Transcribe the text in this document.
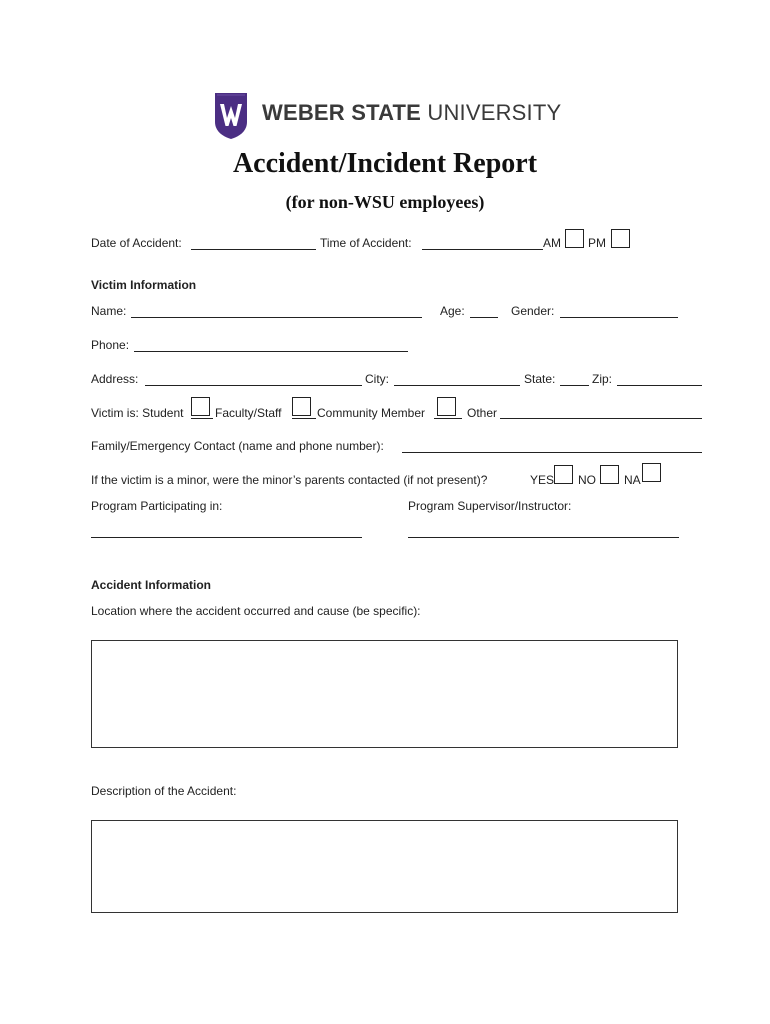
WEBER STATE UNIVERSITY
Accident/Incident Report
(for non-WSU employees)
Date of Accident:	Time of Accident:	AM PM
Victim Information
Name:	Age:	Gender:
Phone:
Address:	City:	State:	Zip:
Victim is: Student	Faculty/Staff	Community Member	Other
Family/Emergency Contact (name and phone number):
If the victim is a minor, were the minor’s parents contacted (if not present)?	YES NO NA
Program Participating in:	Program Supervisor/Instructor:
Accident Information
Location where the accident occurred and cause (be specific):
Description of the Accident:
